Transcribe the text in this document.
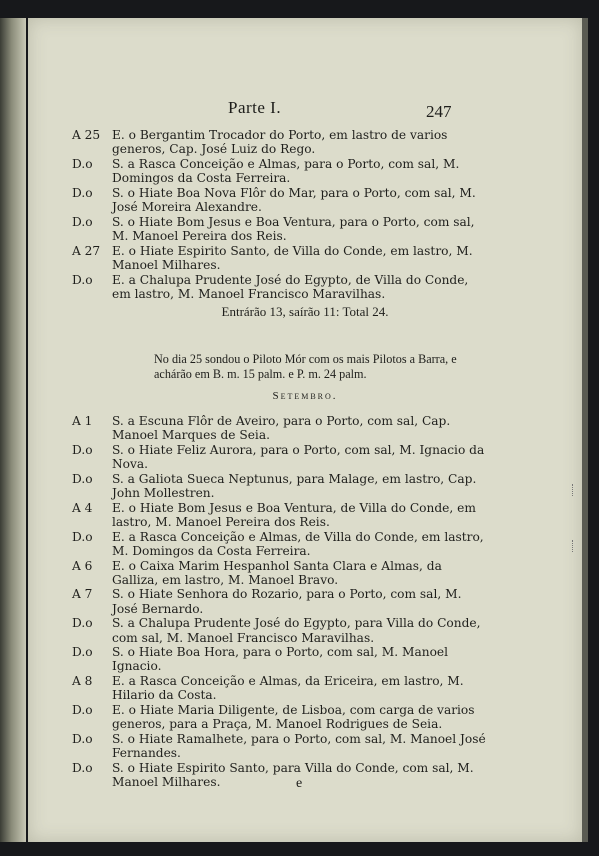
Parte I.	247
A 25 E. o Bergantim Trocador do Porto, em lastro de varios generos, Cap. José Luiz do Rego.
D.o	S. a Rasca Conceição e Almas, para o Porto, com sal, M. Domingos da Costa Ferreira.
D.o	S. o Hiate Boa Nova Flôr do Mar, para o Porto, com sal, M. José Moreira Alexandre.
D.o	S. o Hiate Bom Jesus e Boa Ventura, para o Porto, com sal, M. Manoel Pereira dos Reis.
A 27 E. o Hiate Espirito Santo, de Villa do Conde, em lastro, M. Manoel Milhares.
D.o	E. a Chalupa Prudente José do Egypto, de Villa do Conde, em lastro, M. Manoel Francisco Maravilhas.
Entrárão 13, saírão 11: Total 24.
No dia 25 sondou o Piloto Mór com os mais Pilotos a Barra, e achárão em B. m. 15 palm. e P. m. 24 palm.
Setembro.
A 1	S. a Escuna Flôr de Aveiro, para o Porto, com sal, Cap. Manoel Marques de Seia.
D.o	S. o Hiate Feliz Aurora, para o Porto, com sal, M. Ignacio da Nova.
D.o	S. a Galiota Sueca Neptunus, para Malage, em lastro, Cap. John Mollestren.
A 4	E. o Hiate Bom Jesus e Boa Ventura, de Villa do Conde, em lastro, M. Manoel Pereira dos Reis.
D.o	E. a Rasca Conceição e Almas, de Villa do Conde, em lastro, M. Domingos da Costa Ferreira.
A 6	E. o Caixa Marim Hespanhol Santa Clara e Almas, da Galliza, em lastro, M. Manoel Bravo.
A 7	S. o Hiate Senhora do Rozario, para o Porto, com sal, M. José Bernardo.
D.o	S. a Chalupa Prudente José do Egypto, para Villa do Conde, com sal, M. Manoel Francisco Maravilhas.
D.o	S. o Hiate Boa Hora, para o Porto, com sal, M. Manoel Ignacio.
A 8	E. a Rasca Conceição e Almas, da Ericeira, em lastro, M. Hilario da Costa.
D.o	E. o Hiate Maria Diligente, de Lisboa, com carga de varios generos, para a Praça, M. Manoel Rodrigues de Seia.
D.o	S. o Hiate Ramalhete, para o Porto, com sal, M. Manoel José Fernandes.
D.o	S. o Hiate Espirito Santo, para Villa do Conde, com sal, M. Manoel Milhares.	e
